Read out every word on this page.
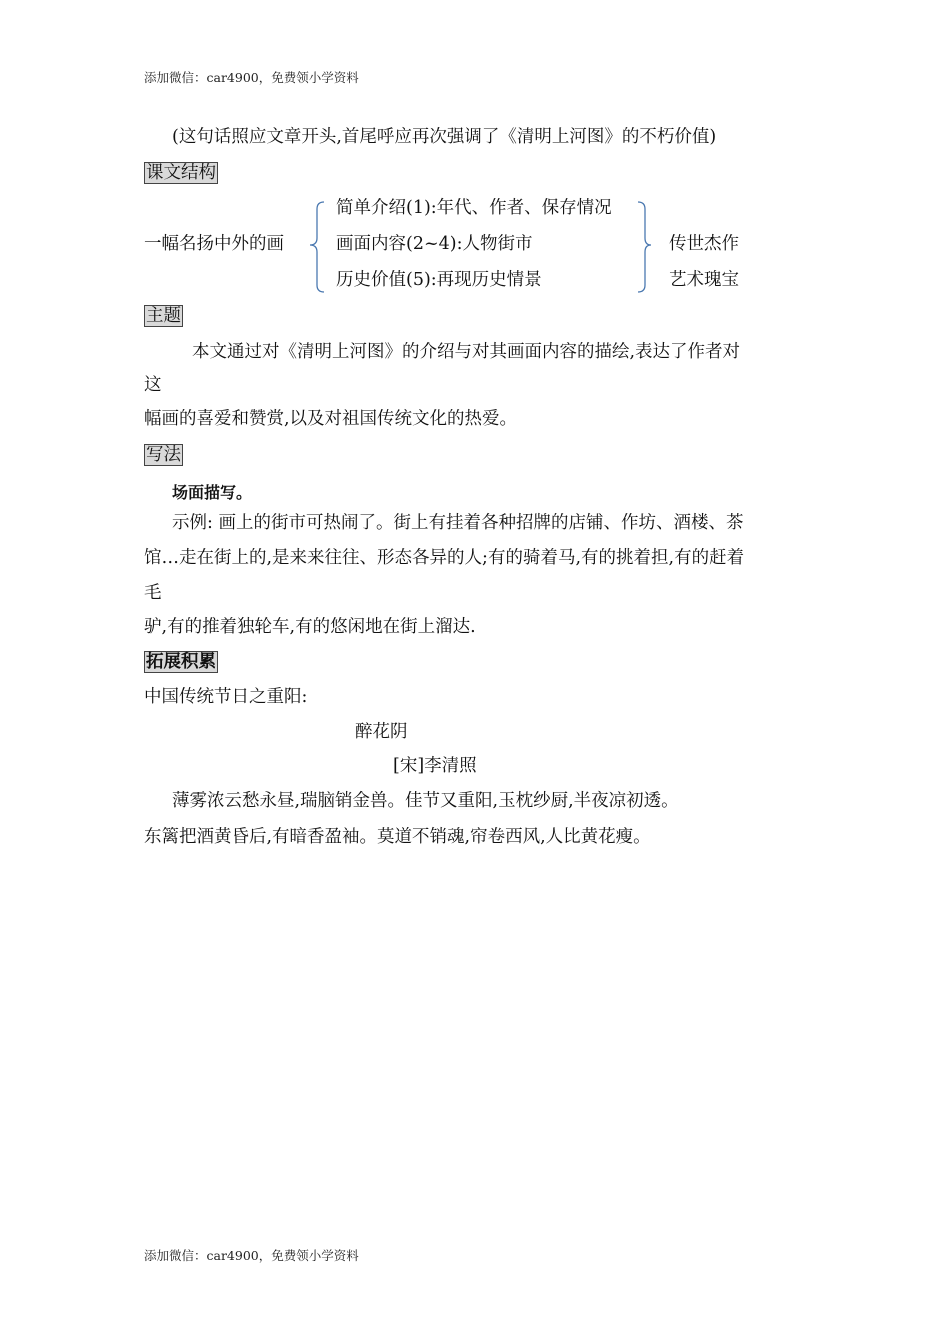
添加微信：car4900，免费领小学资料
(这句话照应文章开头,首尾呼应再次强调了《清明上河图》的不朽价值)
课文结构
一幅名扬中外的画
简单介绍(1):年代、作者、保存情况
画面内容(2~4):人物街市
历史价值(5):再现历史情景
传世杰作
艺术瑰宝
主题
本文通过对《清明上河图》的介绍与对其画面内容的描绘,表达了作者对
这
幅画的喜爱和赞赏,以及对祖国传统文化的热爱。
写法
场面描写。
示例: 画上的街市可热闹了。街上有挂着各种招牌的店铺、作坊、酒楼、茶
馆…走在街上的,是来来往往、形态各异的人;有的骑着马,有的挑着担,有的赶着
毛
驴,有的推着独轮车,有的悠闲地在街上溜达.
拓展积累
中国传统节日之重阳:
醉花阴
[宋]李清照
薄雾浓云愁永昼,瑞脑销金兽。佳节又重阳,玉枕纱厨,半夜凉初透。
东篱把酒黄昏后,有暗香盈袖。莫道不销魂,帘卷西风,人比黄花瘦。
添加微信：car4900，免费领小学资料
